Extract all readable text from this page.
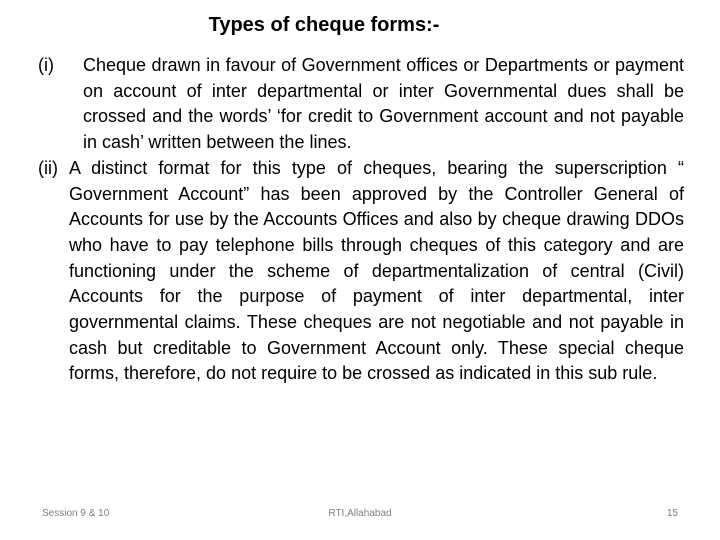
Types of cheque forms:-
(i)	Cheque drawn in favour of Government offices or Departments or payment on account of inter departmental or inter Governmental dues shall be crossed and the words’ ‘for credit to Government account and not payable in cash’ written between the lines.
(ii) A distinct format for this type of cheques, bearing the superscription “ Government Account” has been approved by the Controller General of Accounts for use by the Accounts Offices and also by cheque drawing DDOs who have to pay telephone bills through cheques of this category and are functioning under the scheme of departmentalization of central (Civil) Accounts for the purpose of payment of inter departmental, inter governmental claims. These cheques are not negotiable and not payable in cash but creditable to Government Account only. These special cheque forms, therefore, do not require to be crossed as indicated in this sub rule.
Session 9 & 10	RTI,Allahabad	15
